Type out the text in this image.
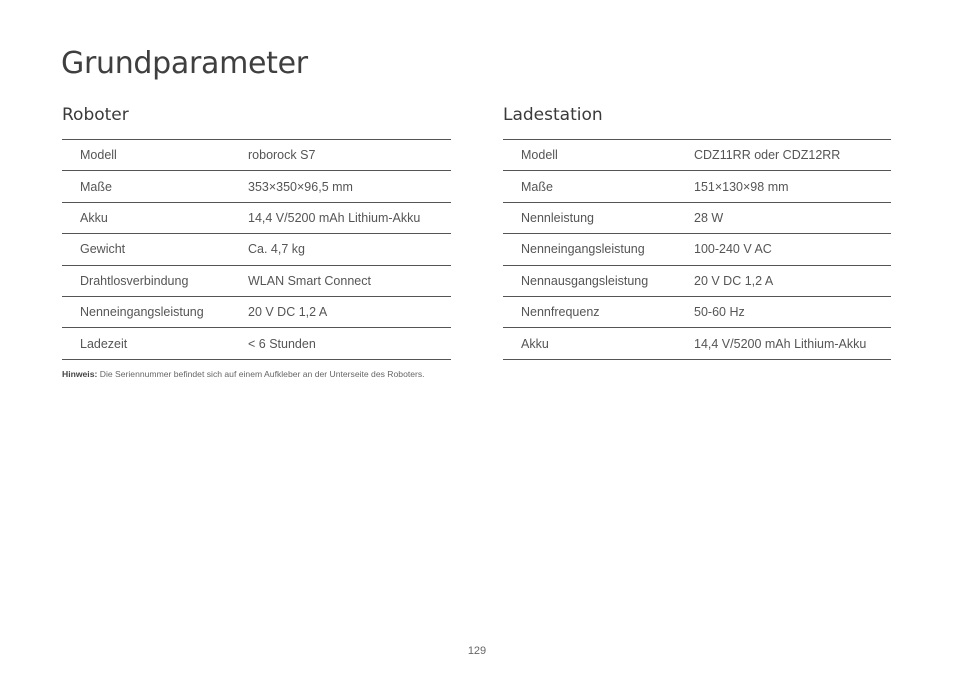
Grundparameter
Roboter
Modell	roborock S7
Maße	353×350×96,5 mm
Akku	14,4 V/5200 mAh Lithium-Akku
Gewicht	Ca. 4,7 kg
Drahtlosverbindung	WLAN Smart Connect
Nenneingangsleistung	20 V DC 1,2 A
Ladezeit	< 6 Stunden
Ladestation
Modell	CDZ11RR oder CDZ12RR
Maße	151×130×98 mm
Nennleistung	28 W
Nenneingangsleistung	100-240 V AC
Nennausgangsleistung	20 V DC 1,2 A
Nennfrequenz	50-60 Hz
Akku	14,4 V/5200 mAh Lithium-Akku
Hinweis: Die Seriennummer befindet sich auf einem Aufkleber an der Unterseite des Roboters.
129
